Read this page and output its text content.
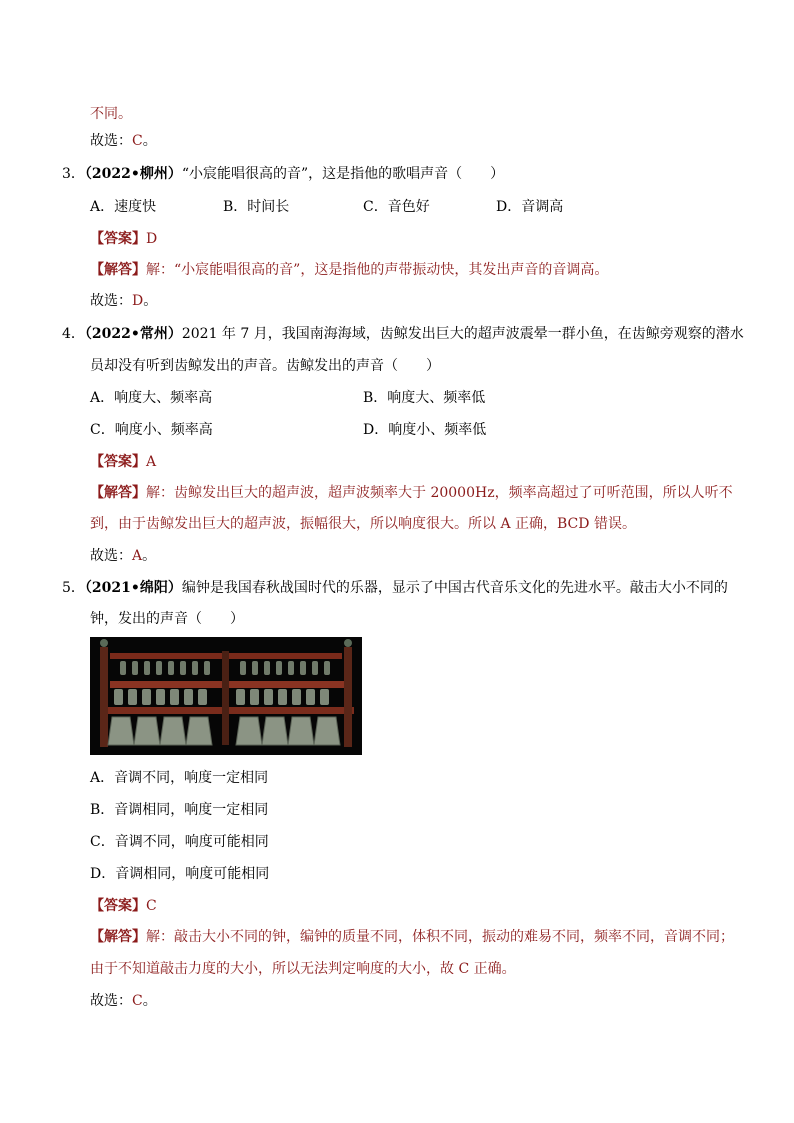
不同。
故选：C。
3．（2022•柳州）“小宸能唱很高的音”，这是指他的歌唱声音（　　）
A．速度快	B．时间长	C．音色好	D．音调高
【答案】D
【解答】解：“小宸能唱很高的音”，这是指他的声带振动快，其发出声音的音调高。
故选：D。
4．（2022•常州）2021 年 7 月，我国南海海域，齿鲸发出巨大的超声波震晕一群小鱼，在齿鲸旁观察的潜水
员却没有听到齿鲸发出的声音。齿鲸发出的声音（　　）
A．响度大、频率高	B．响度大、频率低
C．响度小、频率高	D．响度小、频率低
【答案】A
【解答】解：齿鲸发出巨大的超声波，超声波频率大于 20000Hz，频率高超过了可听范围，所以人听不
到，由于齿鲸发出巨大的超声波，振幅很大，所以响度很大。所以 A 正确，BCD 错误。
故选：A。
5．（2021•绵阳）编钟是我国春秋战国时代的乐器，显示了中国古代音乐文化的先进水平。敲击大小不同的
钟，发出的声音（　　）
A．音调不同，响度一定相同
B．音调相同，响度一定相同
C．音调不同，响度可能相同
D．音调相同，响度可能相同
【答案】C
【解答】解：敲击大小不同的钟，编钟的质量不同，体积不同，振动的难易不同，频率不同，音调不同；
由于不知道敲击力度的大小，所以无法判定响度的大小，故 C 正确。
故选：C。
